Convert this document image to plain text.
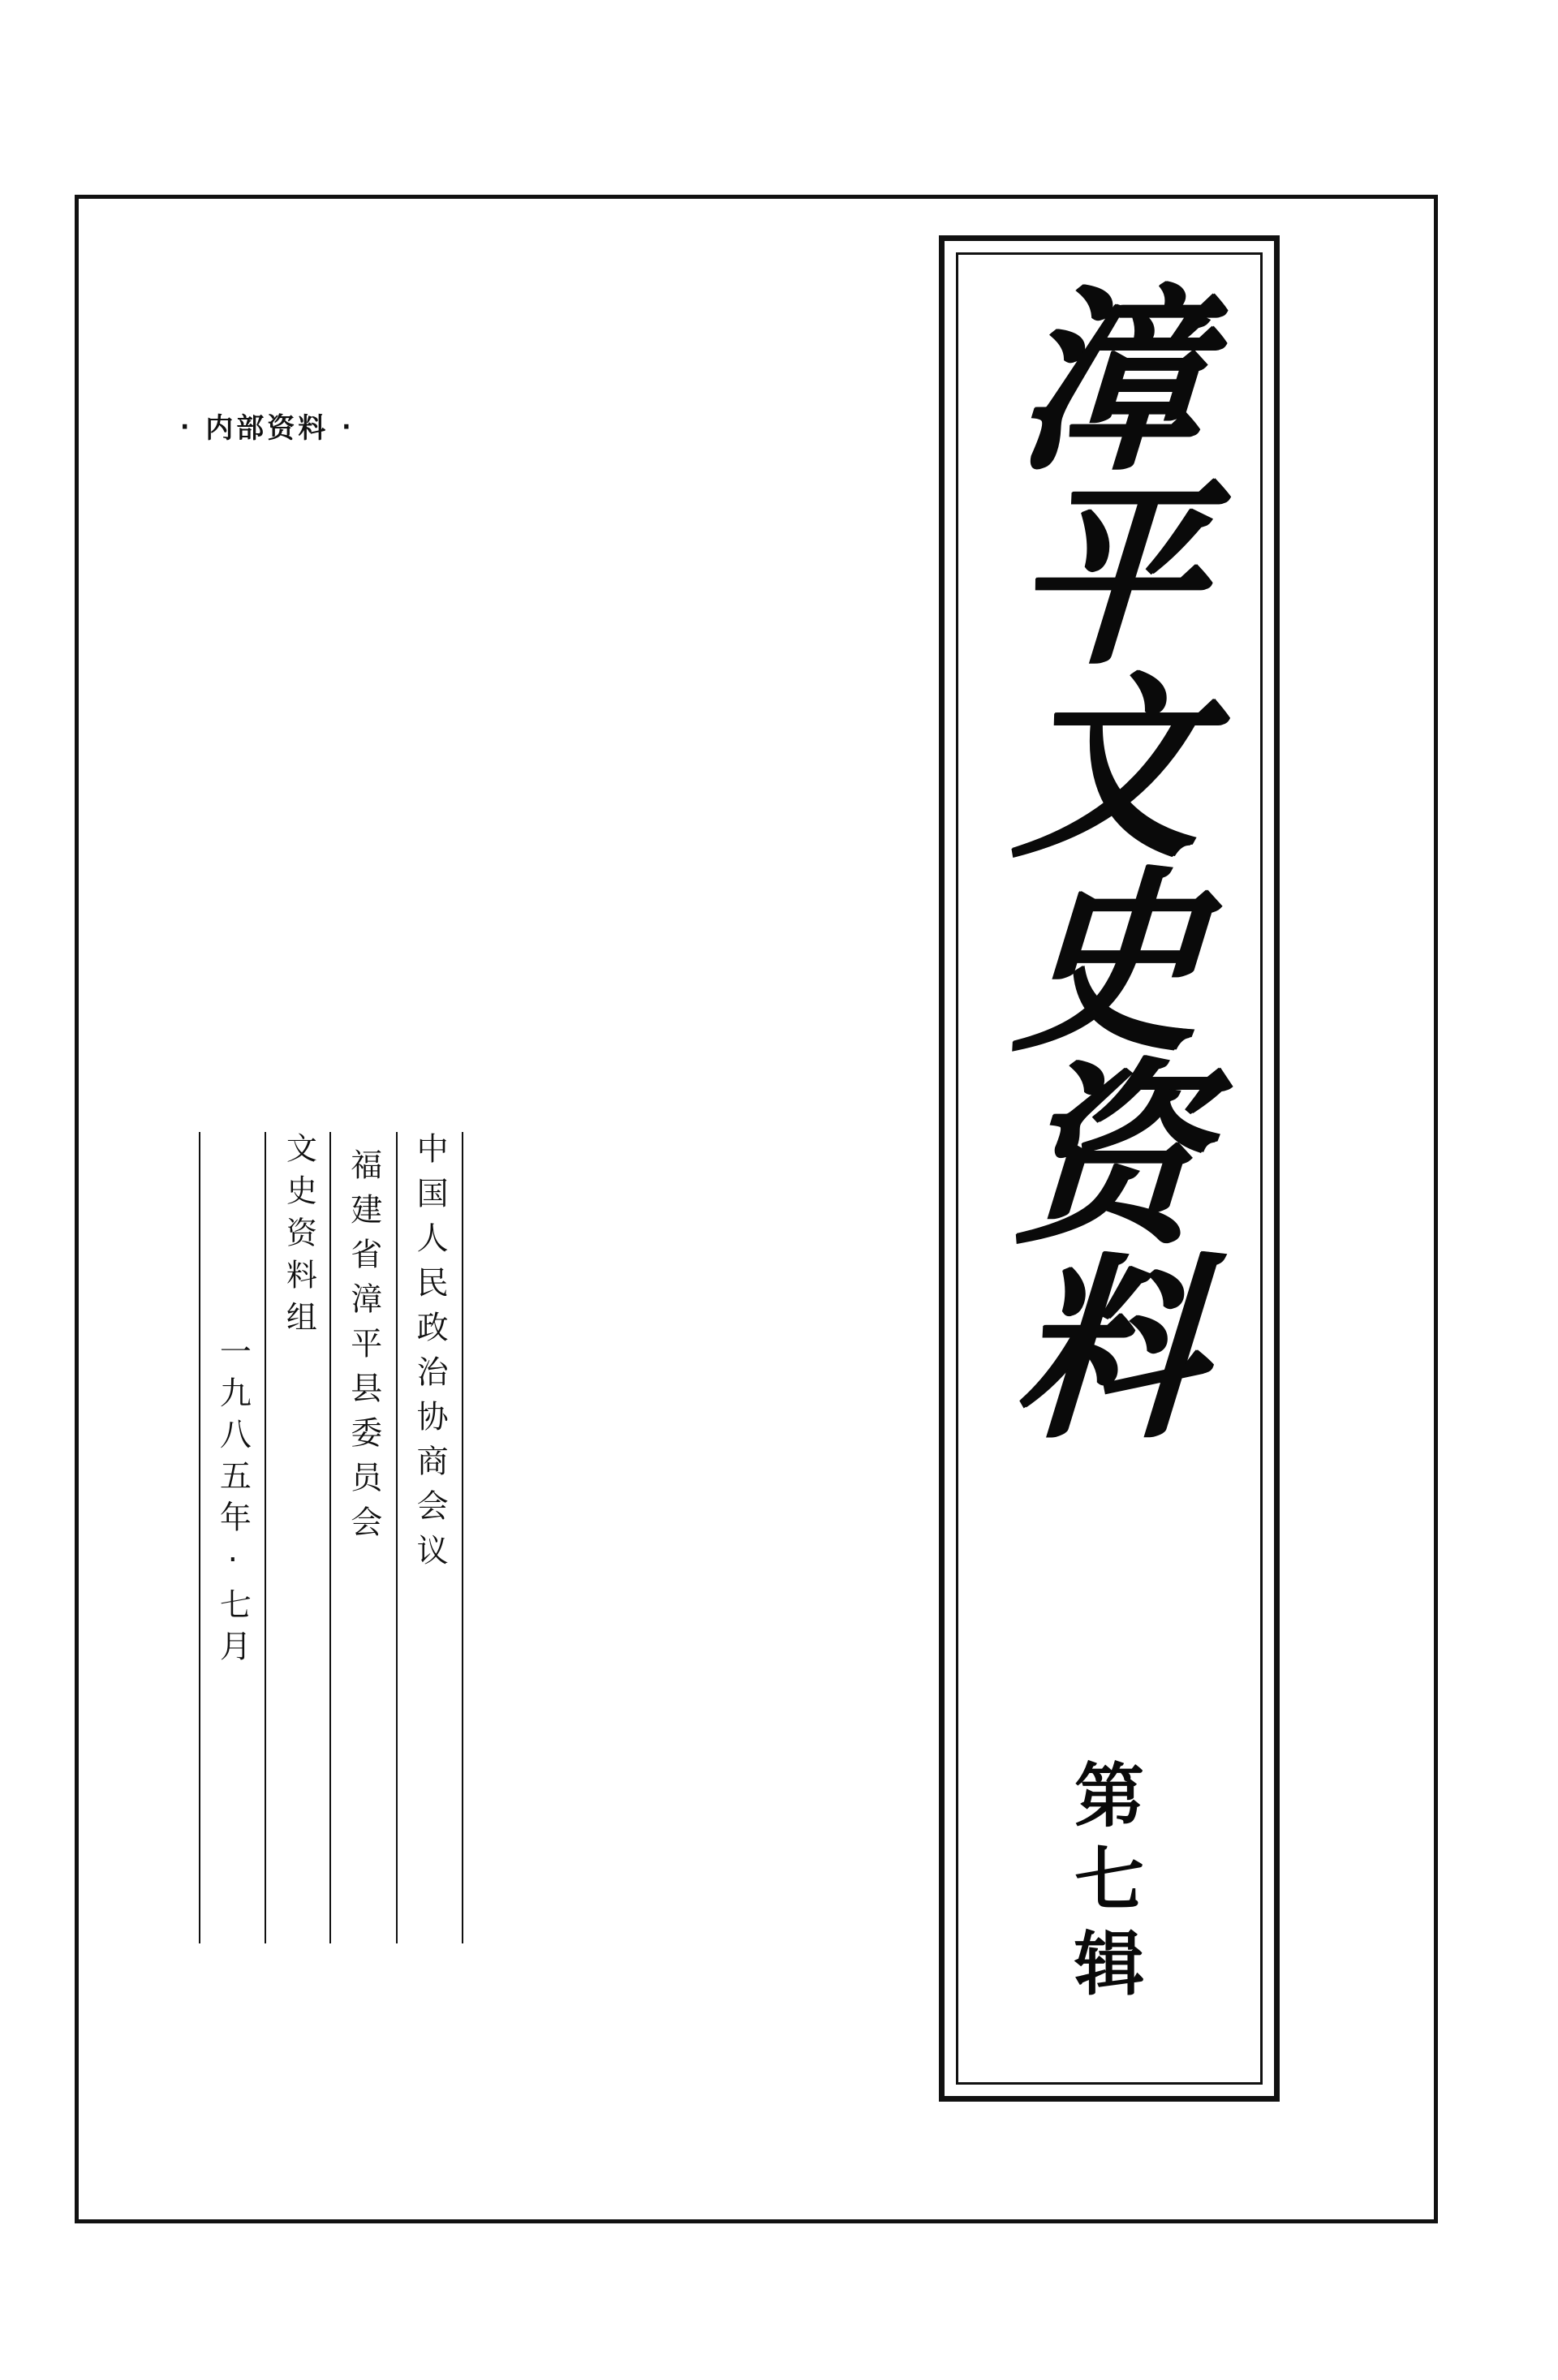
· 内部资料 ·	漳
平
文
史
资
料
第
七
辑
中国人民政治协商会议
福建省漳平县委员会
文史资料组
一九八五年·七月
